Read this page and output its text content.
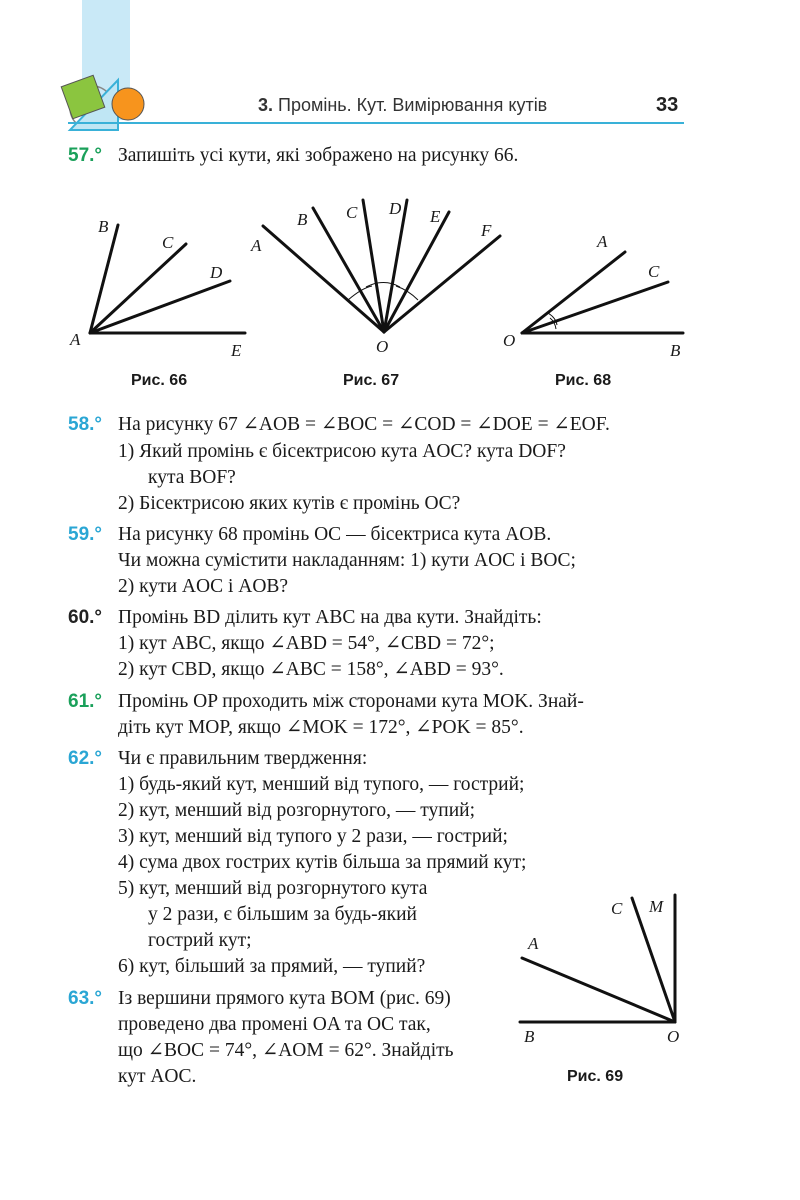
3. Промінь. Кут. Вимірювання кутів	33
57.° Запишіть усі кути, які зображено на рисунку 66.
A
B
C
D
E
Рис. 66
A
B C D E
F
O
Рис. 67
A
C
O
B
Рис. 68
58.° На рисунку 67 ∠AOB = ∠BOC = ∠COD = ∠DOE = ∠EOF.
1) Який промінь є бісектрисою кута AOC? кута DOF?
кута BOF?
2) Бісектрисою яких кутів є промінь OC?
59.° На рисунку 68 промінь OC — бісектриса кута AOB.
Чи можна сумістити накладанням: 1) кути AOC і BOC;
2) кути AOC і AOB?
60.° Промінь BD ділить кут ABC на два кути. Знайдіть:
1) кут ABC, якщо ∠ABD = 54°, ∠CBD = 72°;
2) кут CBD, якщо ∠ABC = 158°, ∠ABD = 93°.
61.° Промінь OP проходить між сторонами кута MOK. Знай-
діть кут MOP, якщо ∠MOK = 172°, ∠POK = 85°.
62.° Чи є правильним твердження:
1) будь-який кут, менший від тупого, — гострий;
2) кут, менший від розгорнутого, — тупий;
3) кут, менший від тупого у 2 рази, — гострий;
4) сума двох гострих кутів більша за прямий кут;
5) кут, менший від розгорнутого кута
у 2 рази, є більшим за будь-який
гострий кут;
6) кут, більший за прямий, — тупий?
C M
A
B	O
Рис. 69
63.° Із вершини прямого кута BOM (рис. 69)
проведено два промені OA та OC так,
що ∠BOC = 74°, ∠AOM = 62°. Знайдіть
кут AOC.
